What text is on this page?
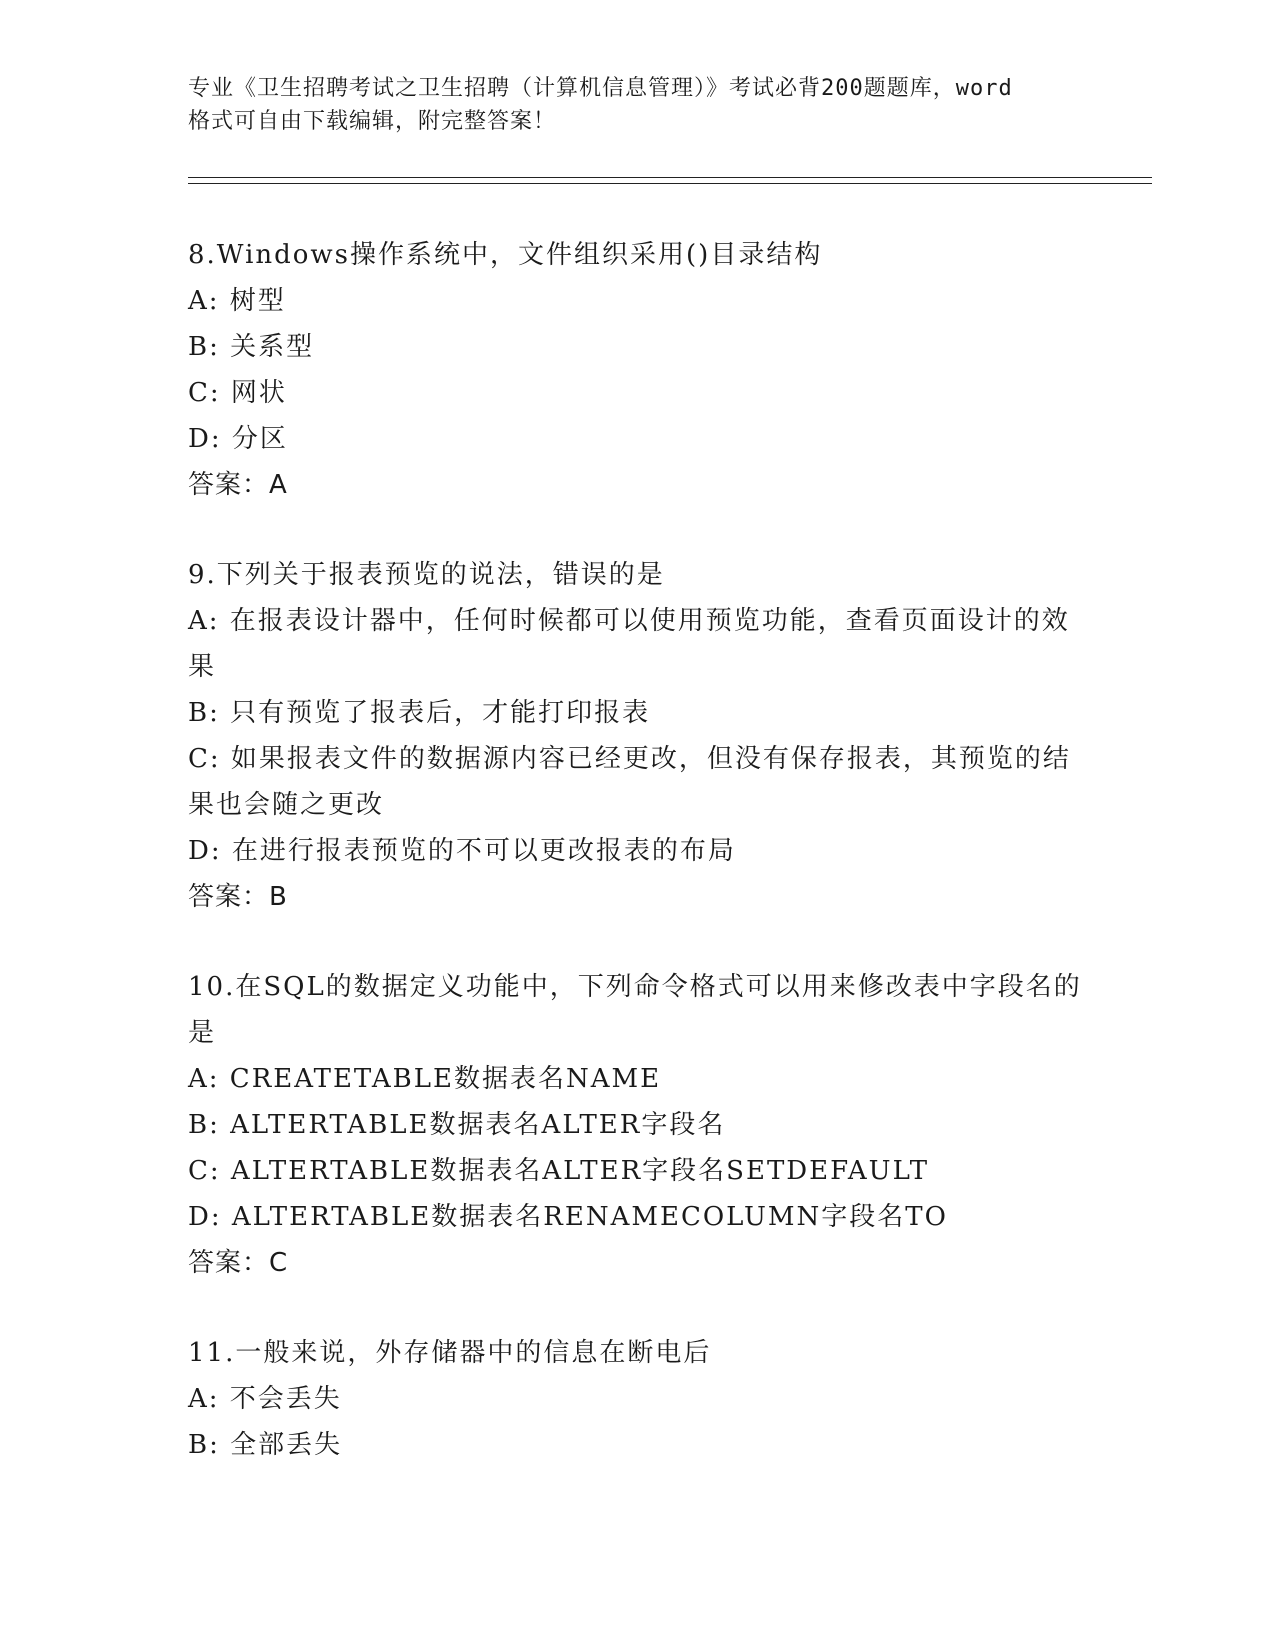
专业《卫生招聘考试之卫生招聘（计算机信息管理）》考试必背200题题库，word
格式可自由下载编辑，附完整答案！
8.Windows操作系统中，文件组织采用()目录结构
A: 树型
B: 关系型
C: 网状
D: 分区
答案：A
9.下列关于报表预览的说法，错误的是
A: 在报表设计器中，任何时候都可以使用预览功能，查看页面设计的效果
B: 只有预览了报表后，才能打印报表
C: 如果报表文件的数据源内容已经更改，但没有保存报表，其预览的结果也会随之更改
D: 在进行报表预览的不可以更改报表的布局
答案：B
10.在SQL的数据定义功能中，下列命令格式可以用来修改表中字段名的是
A: CREATETABLE数据表名NAME
B: ALTERTABLE数据表名ALTER字段名
C: ALTERTABLE数据表名ALTER字段名SETDEFAULT
D: ALTERTABLE数据表名RENAMECOLUMN字段名TO
答案：C
11.一般来说，外存储器中的信息在断电后
A: 不会丢失
B: 全部丢失
